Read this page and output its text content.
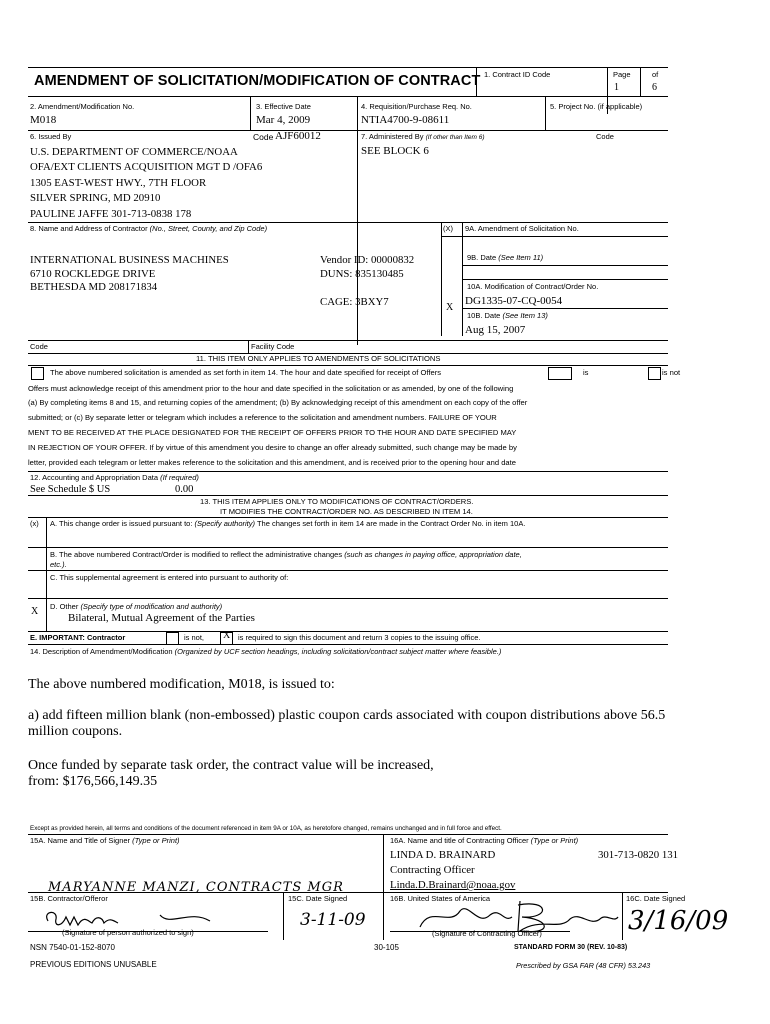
AMENDMENT OF SOLICITATION/MODIFICATION OF CONTRACT 1. Contract ID Code	Page	of
1	6
2. Amendment/Modification No.
M018
3. Effective Date
Mar 4, 2009
4. Requisition/Purchase Req. No.
NTIA4700-9-08611
5. Project No. (if applicable)
6. Issued By	Code AJF60012
U.S. DEPARTMENT OF COMMERCE/NOAA
OFA/EXT CLIENTS ACQUISITION MGT D /OFA6
1305 EAST-WEST HWY., 7TH FLOOR
SILVER SPRING, MD 20910
PAULINE JAFFE 301-713-0838 178
7. Administered By (If other than Item 6)	Code
SEE BLOCK 6
8. Name and Address of Contractor (No., Street, County, and Zip Code)
INTERNATIONAL BUSINESS MACHINES
6710 ROCKLEDGE DRIVE
BETHESDA MD 208171834
Vendor ID: 00000832
DUNS: 835130485
CAGE: 3BXY7
(X) 9A. Amendment of Solicitation No.
9B. Date (See Item 11)
X
10A. Modification of Contract/Order No.
DG1335-07-CQ-0054
10B. Date (See Item 13)
Aug 15, 2007
Code	Facility Code
11. THIS ITEM ONLY APPLIES TO AMENDMENTS OF SOLICITATIONS
The above numbered solicitation is amended as set forth in item 14. The hour and date specified for receipt of Offers	is	is not
Offers must acknowledge receipt of this amendment prior to the hour and date specified in the solicitation or as amended, by one of the following
(a) By completing items 8 and 15, and returning copies of the amendment; (b) By acknowledging receipt of this amendment on each copy of the offer
submitted; or (c) By separate letter or telegram which includes a reference to the solicitation and amendment numbers. FAILURE OF YOUR
MENT TO BE RECEIVED AT THE PLACE DESIGNATED FOR THE RECEIPT OF OFFERS PRIOR TO THE HOUR AND DATE SPECIFIED MAY
IN REJECTION OF YOUR OFFER. If by virtue of this amendment you desire to change an offer already submitted, such change may be made by
letter, provided each telegram or letter makes reference to the solicitation and this amendment, and is received prior to the opening hour and date
12. Accounting and Appropriation Data (If required)
See Schedule $ US	0.00
13. THIS ITEM APPLIES ONLY TO MODIFICATIONS OF CONTRACT/ORDERS.
IT MODIFIES THE CONTRACT/ORDER NO. AS DESCRIBED IN ITEM 14.
(x) A. This change order is issued pursuant to: (Specify authority) The changes set forth in item 14 are made in the Contract Order No. in item 10A.
B. The above numbered Contract/Order is modified to reflect the administrative changes (such as changes in paying office, appropriation date,
etc.).
C. This supplemental agreement is entered into pursuant to authority of:
X D. Other (Specify type of modification and authority)
Bilateral, Mutual Agreement of the Parties
E. IMPORTANT: Contractor	is not, X is required to sign this document and return 3 copies to the issuing office.
14. Description of Amendment/Modification (Organized by UCF section headings, including solicitation/contract subject matter where feasible.)
The above numbered modification, M018, is issued to:
a) add fifteen million blank (non-embossed) plastic coupon cards associated with coupon distributions above 56.5
million coupons.
Once funded by separate task order, the contract value will be increased,
from: $176,566,149.35
Except as provided herein, all terms and conditions of the document referenced in item 9A or 10A, as heretofore changed, remains unchanged and in full force and effect.
15A. Name and Title of Signer (Type or Print)
MARYANNE MANZI, CONTRACTS MGR
16A. Name and title of Contracting Officer (Type or Print)
LINDA D. BRAINARD	301-713-0820 131
Contracting Officer
Linda.D.Brainard@noaa.gov
15B. Contractor/Offeror	15C. Date Signed	16B. United States of America	16C. Date Signed
(Signature of person authorized to sign)
3-11-09
(Signature of Contracting Officer)	3/16/09
NSN 7540-01-152-8070
PREVIOUS EDITIONS UNUSABLE
30-105	STANDARD FORM 30 (REV. 10-83)
Prescribed by GSA FAR (48 CFR) 53.243
